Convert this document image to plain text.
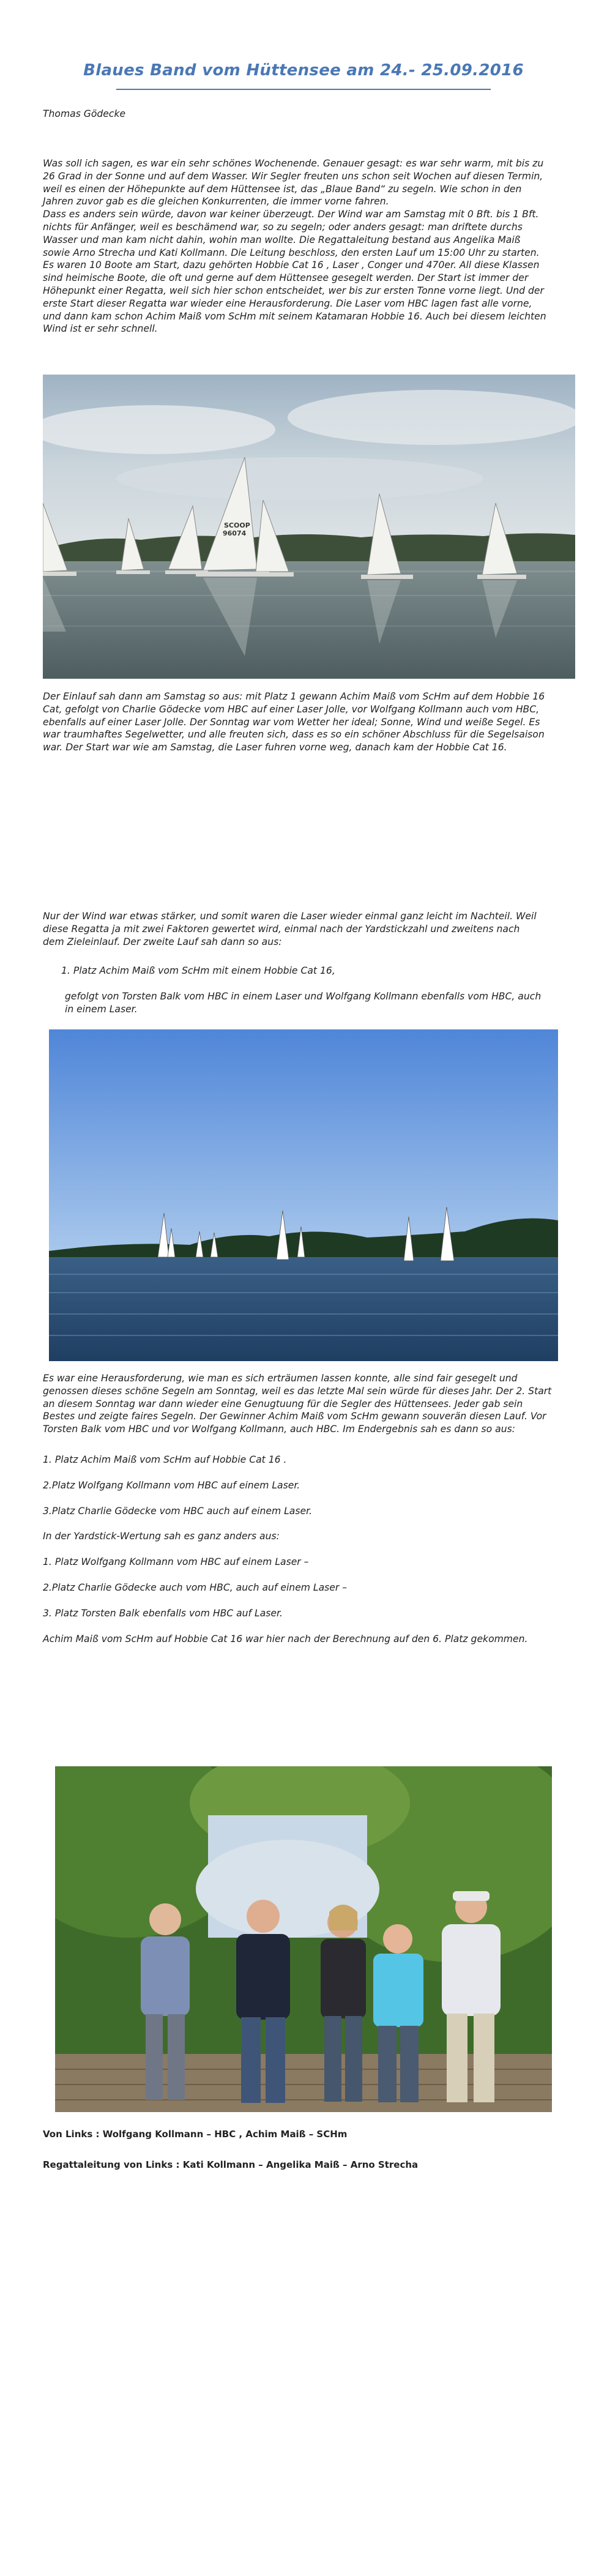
Blaues Band vom Hüttensee am 24.- 25.09.2016
Thomas Gödecke
Was soll ich sagen, es war ein sehr schönes Wochenende. Genauer gesagt: es war sehr warm, mit bis zu
26 Grad in der Sonne und auf dem Wasser. Wir Segler freuten uns schon seit Wochen auf diesen Termin,
weil es einen der Höhepunkte auf dem Hüttensee ist, das „Blaue Band“ zu segeln. Wie schon in den
Jahren zuvor gab es die gleichen Konkurrenten, die immer vorne fahren.
Dass es anders sein würde, davon war keiner überzeugt. Der Wind war am Samstag mit 0 Bft. bis 1 Bft.
nichts für Anfänger, weil es beschämend war, so zu segeln; oder anders gesagt: man driftete durchs
Wasser und man kam nicht dahin, wohin man wollte. Die Regattaleitung bestand aus Angelika Maiß
sowie Arno Strecha und Kati Kollmann. Die Leitung beschloss, den ersten Lauf um 15:00 Uhr zu starten.
Es waren 10 Boote am Start, dazu gehörten Hobbie Cat 16 , Laser , Conger und 470er. All diese Klassen
sind heimische Boote, die oft und gerne auf dem Hüttensee gesegelt werden. Der Start ist immer der
Höhepunkt einer Regatta, weil sich hier schon entscheidet, wer bis zur ersten Tonne vorne liegt. Und der
erste Start dieser Regatta war wieder eine Herausforderung. Die Laser vom HBC lagen fast alle vorne,
und dann kam schon Achim Maiß vom ScHm mit seinem Katamaran Hobbie 16. Auch bei diesem leichten
Wind ist er sehr schnell.
SCOOP
96074
Der Einlauf sah dann am Samstag so aus: mit Platz 1 gewann Achim Maiß vom ScHm auf dem Hobbie 16
Cat, gefolgt von Charlie Gödecke vom HBC auf einer Laser Jolle, vor Wolfgang Kollmann auch vom HBC,
ebenfalls auf einer Laser Jolle. Der Sonntag war vom Wetter her ideal; Sonne, Wind und weiße Segel. Es
war traumhaftes Segelwetter, und alle freuten sich, dass es so ein schöner Abschluss für die Segelsaison
war. Der Start war wie am Samstag, die Laser fuhren vorne weg, danach kam der Hobbie Cat 16.
Nur der Wind war etwas stärker, und somit waren die Laser wieder einmal ganz leicht im Nachteil. Weil
diese Regatta ja mit zwei Faktoren gewertet wird, einmal nach der Yardstickzahl und zweitens nach
dem Zieleinlauf. Der zweite Lauf sah dann so aus:
1. Platz Achim Maiß vom ScHm mit einem Hobbie Cat 16,
gefolgt von Torsten Balk vom HBC in einem Laser und Wolfgang Kollmann ebenfalls vom HBC, auch
in einem Laser.
Es war eine Herausforderung, wie man es sich erträumen lassen konnte, alle sind fair gesegelt und
genossen dieses schöne Segeln am Sonntag, weil es das letzte Mal sein würde für dieses Jahr. Der 2. Start
an diesem Sonntag war dann wieder eine Genugtuung für die Segler des Hüttensees. Jeder gab sein
Bestes und zeigte faires Segeln. Der Gewinner Achim Maiß vom ScHm gewann souverän diesen Lauf. Vor
Torsten Balk vom HBC und vor Wolfgang Kollmann, auch HBC. Im Endergebnis sah es dann so aus:
1. Platz Achim Maiß vom ScHm auf Hobbie Cat 16 .
2.Platz Wolfgang Kollmann vom HBC auf einem Laser.
3.Platz Charlie Gödecke vom HBC auch auf einem Laser.
In der Yardstick-Wertung sah es ganz anders aus:
1. Platz Wolfgang Kollmann vom HBC auf einem Laser –
2.Platz Charlie Gödecke auch vom HBC, auch auf einem Laser –
3. Platz Torsten Balk ebenfalls vom HBC auf Laser.
Achim Maiß vom ScHm auf Hobbie Cat 16 war hier nach der Berechnung auf den 6. Platz gekommen.
Von Links : Wolfgang Kollmann – HBC , Achim Maiß – SCHm
Regattaleitung von Links : Kati Kollmann – Angelika Maiß – Arno Strecha
